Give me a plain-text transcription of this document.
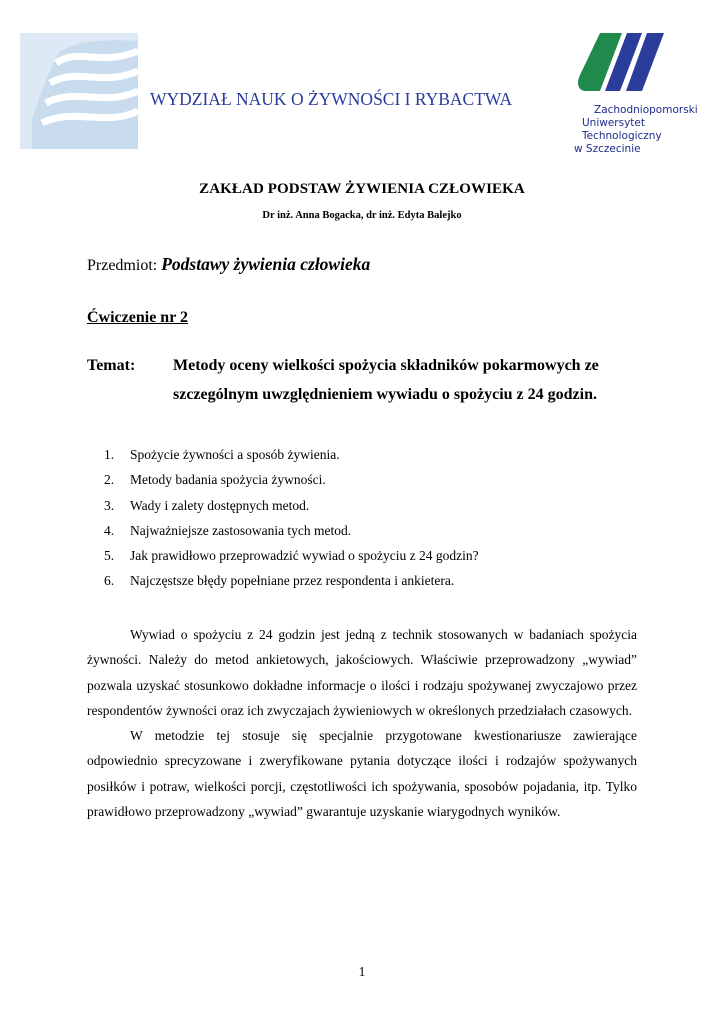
WYDZIAŁ NAUK O ŻYWNOŚCI I RYBACTWA
Zachodniopomorski
Uniwersytet
Technologiczny
w Szczecinie
ZAKŁAD PODSTAW ŻYWIENIA CZŁOWIEKA
Dr inż. Anna Bogacka, dr inż. Edyta Balejko
Przedmiot: Podstawy żywienia człowieka
Ćwiczenie nr 2
Temat: Metody oceny wielkości spożycia składników pokarmowych ze
szczególnym uwzględnieniem wywiadu o spożyciu z 24 godzin.
1. Spożycie żywności a sposób żywienia.
2. Metody badania spożycia żywności.
3. Wady i zalety dostępnych metod.
4. Najważniejsze zastosowania tych metod.
5. Jak prawidłowo przeprowadzić wywiad o spożyciu z 24 godzin?
6. Najczęstsze błędy popełniane przez respondenta i ankietera.

Wywiad o spożyciu z 24 godzin jest jedną z technik stosowanych w badaniach spożycia żywności. Należy do metod ankietowych, jakościowych. Właściwie przeprowadzony „wywiad” pozwala uzyskać stosunkowo dokładne informacje o ilości i rodzaju spożywanej zwyczajowo przez respondentów żywności oraz ich zwyczajach żywieniowych w określonych przedziałach czasowych.

W metodzie tej stosuje się specjalnie przygotowane kwestionariusze zawierające odpowiednio sprecyzowane i zweryfikowane pytania dotyczące ilości i rodzajów spożywanych posiłków i potraw, wielkości porcji, częstotliwości ich spożywania, sposobów pojadania, itp. Tylko prawidłowo przeprowadzony „wywiad” gwarantuje uzyskanie wiarygodnych wyników.

1
